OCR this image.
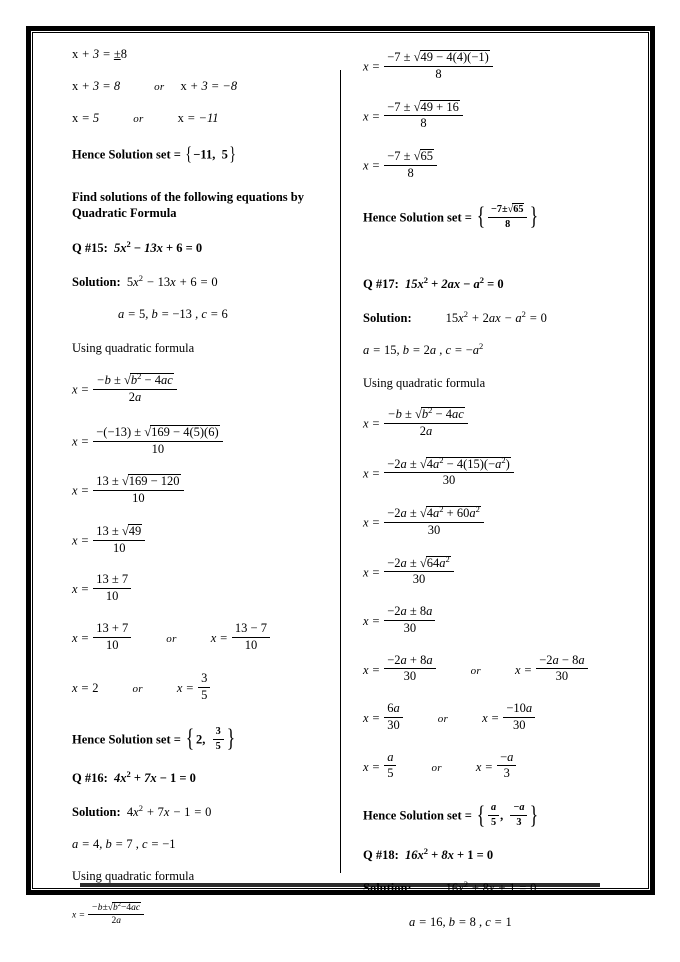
x + 3 = ±8
x + 3 = 8	or x + 3 = −8
x = 5	or	x = −11
Hence Solution set = {−11,  5}
Find solutions of the following equations by Quadratic Formula
Q #15:  $5x^2 - 13x + 6 = 0$
Solution: $5x^2 - 13x + 6 = 0$
a = 5, b = −13 , c = 6
Using quadratic formula
$x = \frac{-b \pm √b^2 - 4ac}{2a}$
$x = \frac{-(-13) \pm √169 - 4(5)(6)}{10}$
$x = \frac{13 \pm √169 - 120}{10}$
$x = \frac{13 \pm √49}{10}$
$x = \frac{13 \pm 7}{10}$
$x = \frac{13 + 7}{10}$	or	$x = \frac{13 - 7}{10}$
x = 2	or	$x = \frac{3}{5}$
Hence Solution set = { 2, $\frac{3}{5}$ }
Q #16:  $4x^2 + 7x - 1 = 0$
Solution: $4x^2 + 7x - 1 = 0$
a = 4, b = 7 , c = −1
Using quadratic formula
$x = \frac{-b\pm√b^2-4ac}{2a}$
$x = \frac{-7 \pm √49 - 4(4)(-1)}{8}$
$x = \frac{-7 \pm √49 + 16}{8}$
$x = \frac{-7 \pm √65}{8}$
Hence Solution set = { $\frac{-7\pm√65}{8}$ }
Q #17:  $15x^2 + 2ax - a^2 = 0$
Solution:	$15x^2 + 2ax - a^2 = 0$
a = 15, b = 2a , $c = -a^2$
Using quadratic formula
$x = \frac{-b \pm √b^2 - 4ac}{2a}$
$x = \frac{-2a \pm √4a^2 - 4(15)(-a^2)}{30}$
$x = \frac{-2a \pm √4a^2 + 60a^2}{30}$
$x = \frac{-2a \pm √64a^2}{30}$
$x = \frac{-2a \pm 8a}{30}$
$x = \frac{-2a + 8a}{30}$	or	$x = \frac{-2a - 8a}{30}$
$x = \frac{6a}{30}$	or	$x = \frac{-10a}{30}$
$x = \frac{a}{5}$	or	$x = \frac{-a}{3}$
Hence Solution set = { $\frac{a}{5}$ , $\frac{-a}{3}$ }
Q #18:  $16x^2 + 8x + 1 = 0$
Solution:	$16x^2 + 8x + 1 = 0$
a = 16, b = 8 , c = 1
